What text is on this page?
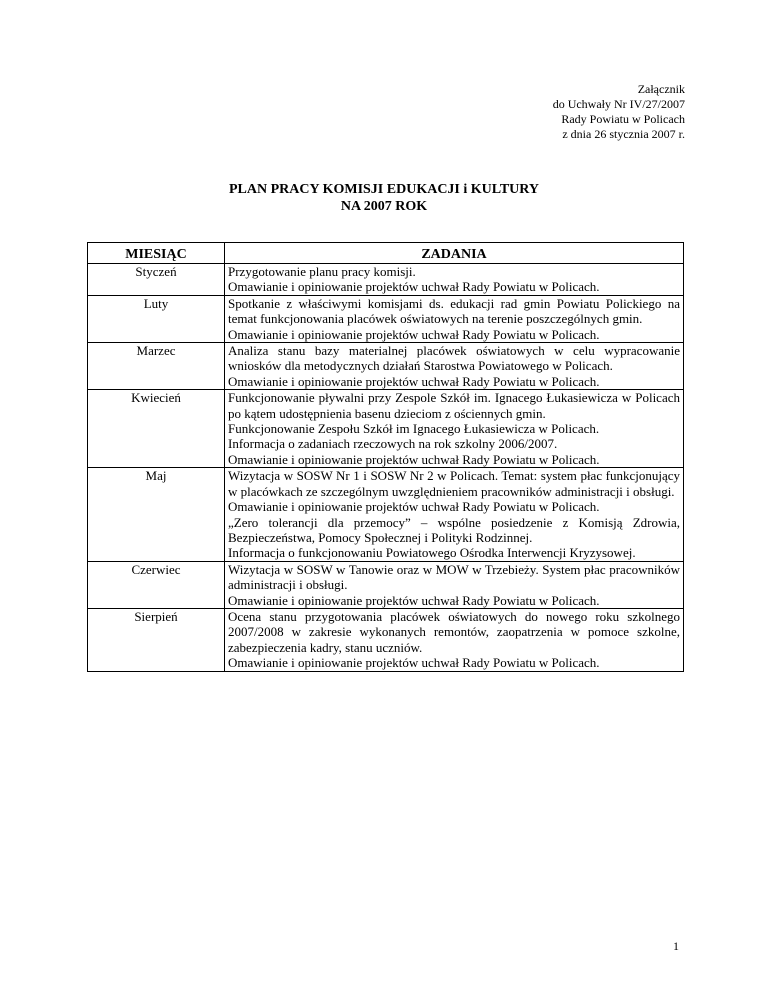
Załącznik
do Uchwały Nr IV/27/2007
Rady Powiatu w Policach
z dnia 26 stycznia 2007 r.
PLAN PRACY KOMISJI EDUKACJI i KULTURY
NA 2007 ROK
MIESIĄC	ZADANIA
Styczeń	Przygotowanie planu pracy komisji.
Omawianie i opiniowanie projektów uchwał Rady Powiatu w Policach.

Luty	Spotkanie z właściwymi komisjami ds. edukacji rad gmin Powiatu Polickiego na temat funkcjonowania placówek oświatowych na terenie poszczególnych gmin.
Omawianie i opiniowanie projektów uchwał Rady Powiatu w Policach.

Marzec	Analiza stanu bazy materialnej placówek oświatowych w celu wypracowanie wniosków dla metodycznych działań Starostwa Powiatowego w Policach.
Omawianie i opiniowanie projektów uchwał Rady Powiatu w Policach.

Kwiecień	Funkcjonowanie pływalni przy Zespole Szkół im. Ignacego Łukasiewicza w Policach po kątem udostępnienia basenu dzieciom z ościennych gmin.
Funkcjonowanie Zespołu Szkół im Ignacego Łukasiewicza w Policach.
Informacja o zadaniach rzeczowych na rok szkolny 2006/2007.
Omawianie i opiniowanie projektów uchwał Rady Powiatu w Policach.

Maj	Wizytacja w SOSW Nr 1 i SOSW Nr 2 w Policach. Temat: system płac funkcjonujący w placówkach ze szczególnym uwzględnieniem pracowników administracji i obsługi.
Omawianie i opiniowanie projektów uchwał Rady Powiatu w Policach.
„Zero tolerancji dla przemocy” – wspólne posiedzenie z Komisją Zdrowia, Bezpieczeństwa, Pomocy Społecznej i Polityki Rodzinnej.
Informacja o funkcjonowaniu Powiatowego Ośrodka Interwencji Kryzysowej.

Czerwiec	Wizytacja w SOSW w Tanowie oraz w MOW w Trzebieży. System płac pracowników administracji i obsługi.
Omawianie i opiniowanie projektów uchwał Rady Powiatu w Policach.

Sierpień	Ocena stanu przygotowania placówek oświatowych do nowego roku szkolnego 2007/2008 w zakresie wykonanych remontów, zaopatrzenia w pomoce szkolne, zabezpieczenia kadry, stanu uczniów.
Omawianie i opiniowanie projektów uchwał Rady Powiatu w Policach.
1
